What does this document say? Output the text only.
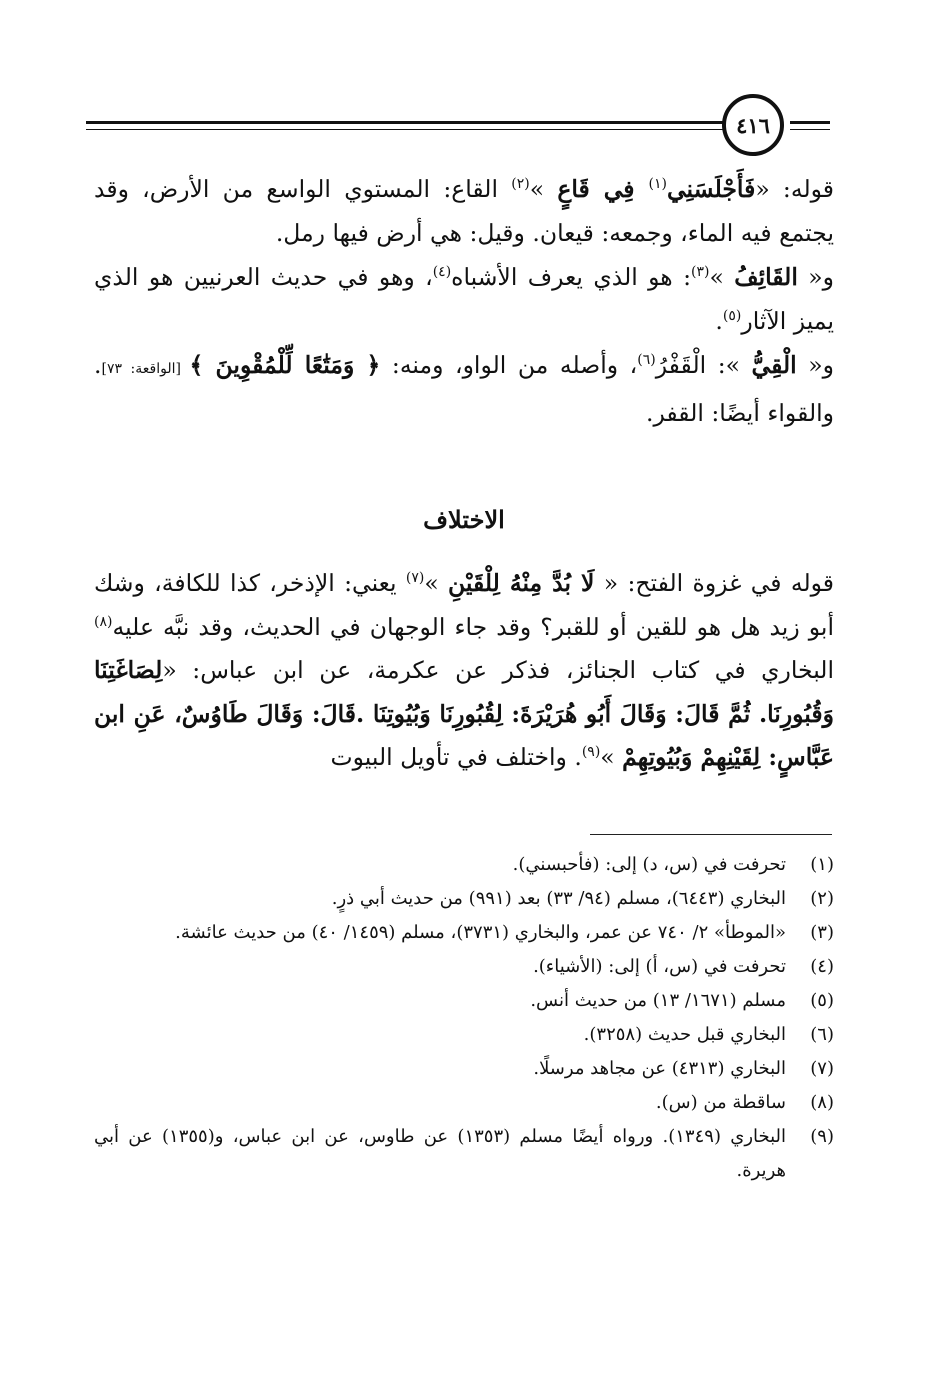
٤١٦

قوله: «فَأَجْلَسَنِي$^{(١)}$ فِي قَاعٍ »$^{(٢)}$ القاع: المستوي الواسع من الأرض، وقد يجتمع فيه الماء، وجمعه: قيعان. وقيل: هي أرض فيها رمل.

و« القَائِفُ »$^{(٣)}$: هو الذي يعرف الأشباه$^{(٤)}$، وهو في حديث العرنيين هو الذي يميز الآثار$^{(٥)}$.

و« الْقِيُّ »: الْقَفْرُ$^{(٦)}$، وأصله من الواو، ومنه: ﴿ وَمَتَٰعًا لِّلْمُقْوِينَ ﴾ [الواقعة: ٧٣]. والقواء أيضًا: القفر.

الاختلاف

قوله في غزوة الفتح: « لَا بُدَّ مِنْهُ لِلْقَيْنِ »$^{(٧)}$ يعني: الإذخر، كذا للكافة، وشك أبو زيد هل هو للقين أو للقبر؟ وقد جاء الوجهان في الحديث، وقد نبَّه عليه$^{(٨)}$ البخاري في كتاب الجنائز، فذكر عن عكرمة، عن ابن عباس: «لِصَاغَتِنَا وَقُبُورِنَا. ثُمَّ قَالَ: وَقَالَ أَبُو هُرَيْرَةَ: لِقُبُورِنَا وَبُيُوتِنَا .قَالَ: وَقَالَ طَاوُسٌ، عَنِ ابن عَبَّاسٍ: لِقَيْنِهِمْ وَبُيُوتِهِمْ »$^{(٩)}$. واختلف في تأويل البيوت

(١)
تحرفت في (س، د) إلى: (فأحبسني).
(٢)
البخاري (٦٤٤٣)، مسلم (٩٤/ ٣٣) بعد (٩٩١) من حديث أبي ذرٍ.
(٣)
«الموطأ» ٢/ ٧٤٠ عن عمر، والبخاري (٣٧٣١)، مسلم (١٤٥٩/ ٤٠) من حديث عائشة.
(٤)
تحرفت في (س، أ) إلى: (الأشياء).
(٥)
مسلم (١٦٧١/ ١٣) من حديث أنس.
(٦)
البخاري قبل حديث (٣٢٥٨).
(٧)
البخاري (٤٣١٣) عن مجاهد مرسلًا.
(٨)
ساقطة من (س).
(٩)
البخاري (١٣٤٩). ورواه أيضًا مسلم (١٣٥٣) عن طاوس، عن ابن عباس، و(١٣٥٥) عن أبي هريرة.
